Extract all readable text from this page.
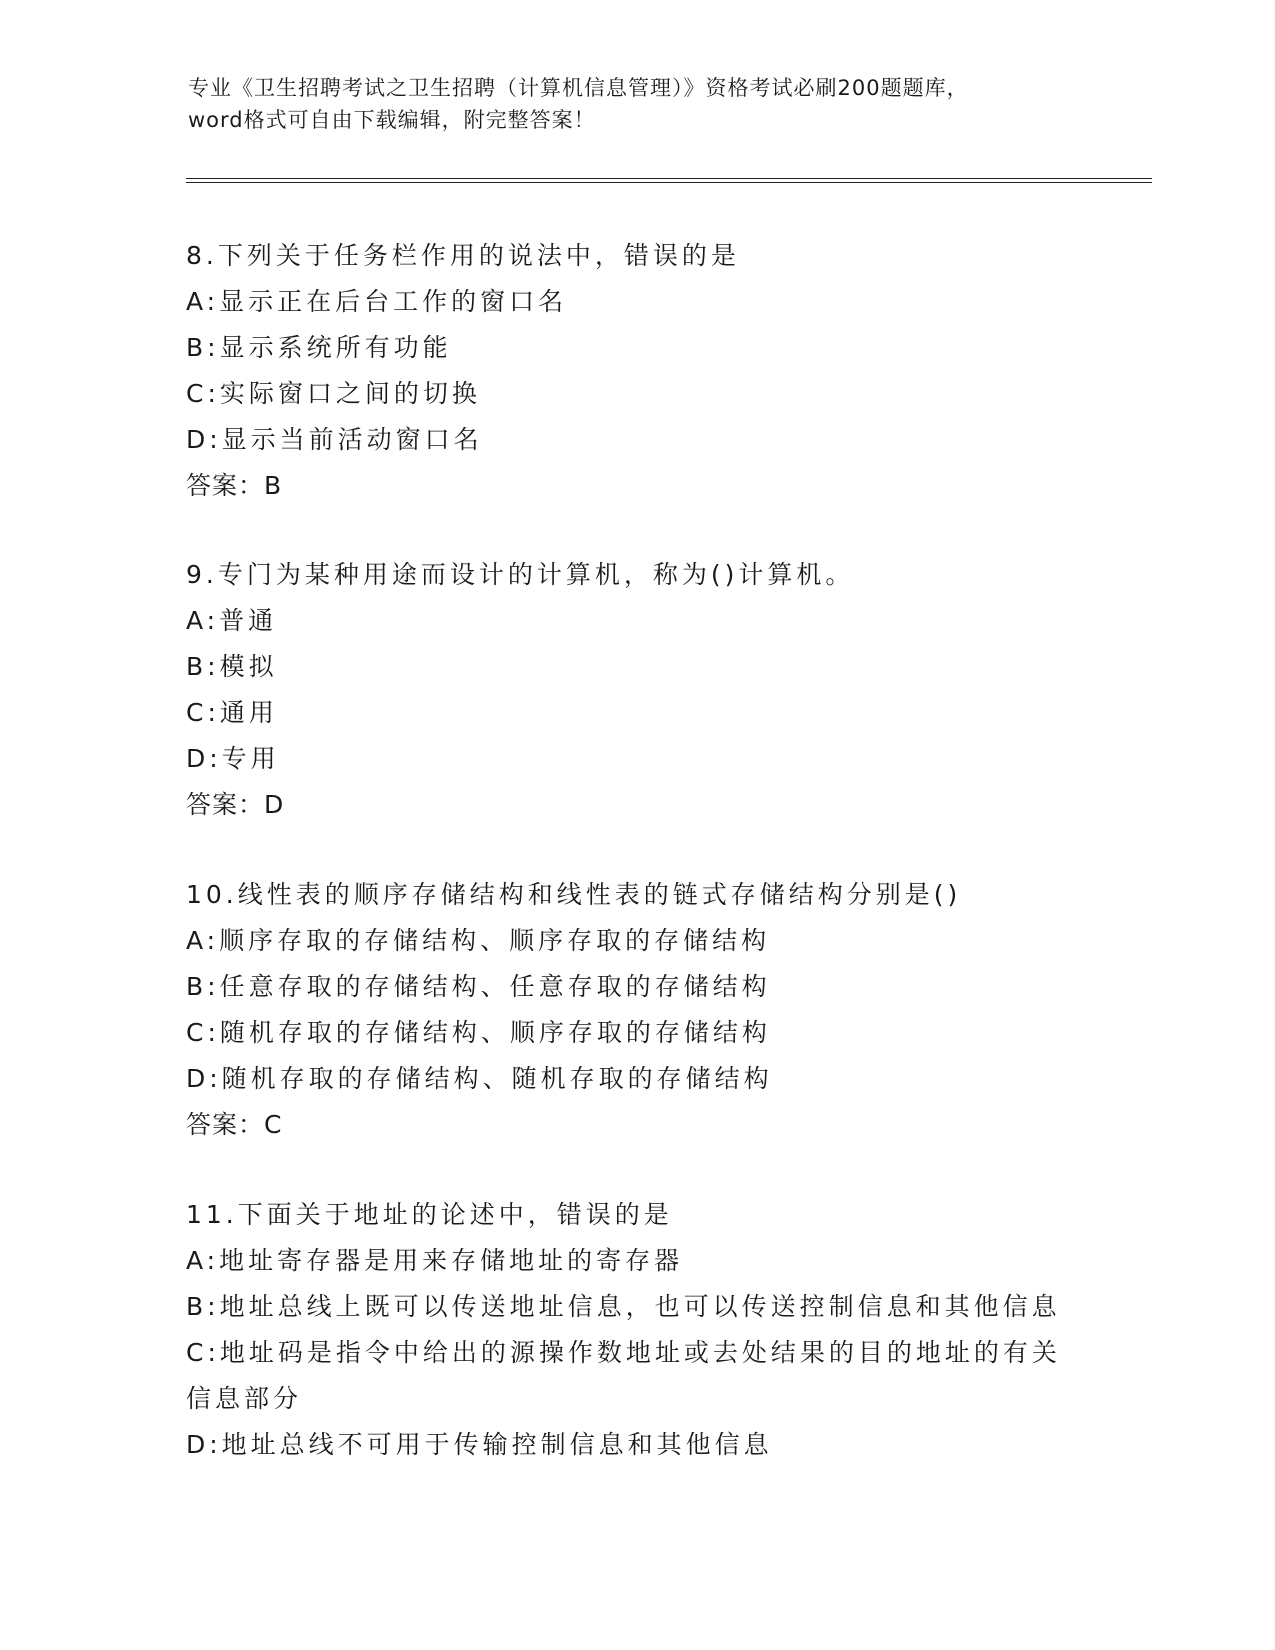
专业《卫生招聘考试之卫生招聘（计算机信息管理）》资格考试必刷200题题库，
word格式可自由下载编辑，附完整答案！
8.下列关于任务栏作用的说法中，错误的是
A:显示正在后台工作的窗口名
B:显示系统所有功能
C:实际窗口之间的切换
D:显示当前活动窗口名
答案：B
9.专门为某种用途而设计的计算机，称为()计算机。
A:普通
B:模拟
C:通用
D:专用
答案：D
10.线性表的顺序存储结构和线性表的链式存储结构分别是()
A:顺序存取的存储结构、顺序存取的存储结构
B:任意存取的存储结构、任意存取的存储结构
C:随机存取的存储结构、顺序存取的存储结构
D:随机存取的存储结构、随机存取的存储结构
答案：C
11.下面关于地址的论述中，错误的是
A:地址寄存器是用来存储地址的寄存器
B:地址总线上既可以传送地址信息，也可以传送控制信息和其他信息
C:地址码是指令中给出的源操作数地址或去处结果的目的地址的有关信息部分
D:地址总线不可用于传输控制信息和其他信息
